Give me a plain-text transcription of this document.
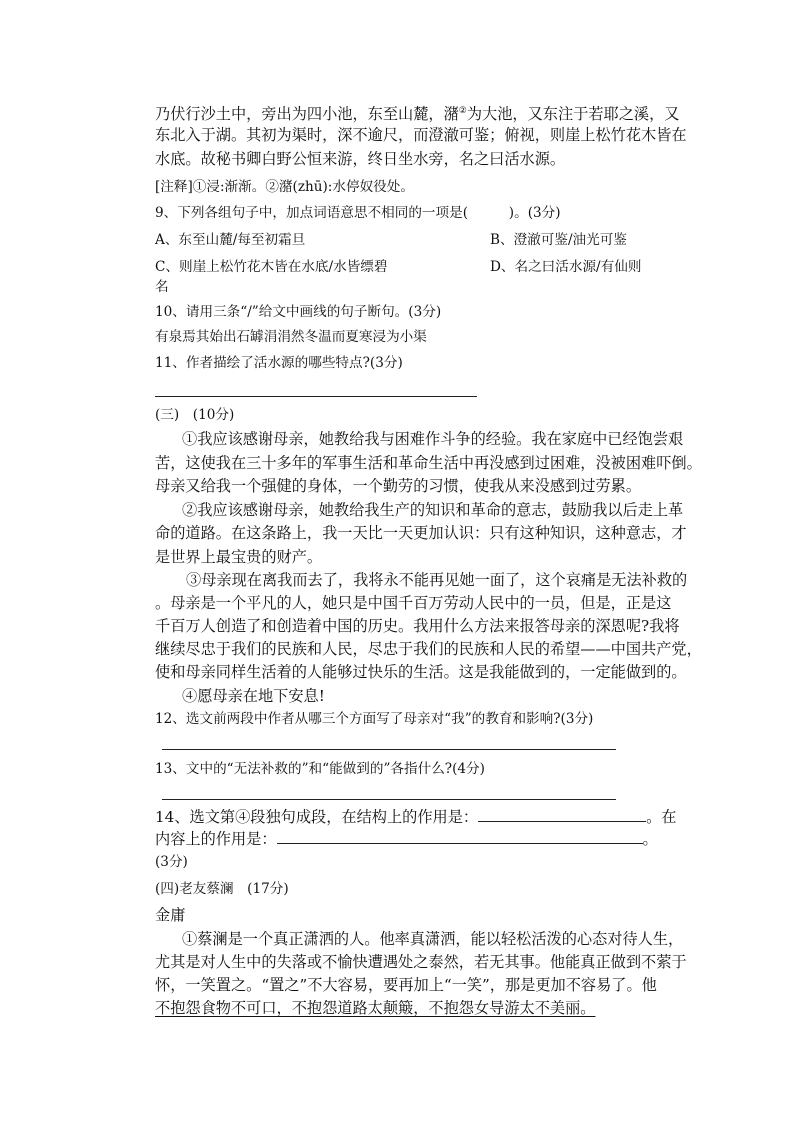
乃伏行沙土中，旁出为四小池，东至山麓，潴②为大池，又东注于若耶之溪，又
东北入于湖。其初为渠时，深不逾尺，而澄澈可鉴；俯视，则崖上松竹花木皆在
水底。故秘书卿白野公恒来游，终日坐水旁，名之曰活水源。
[注释]①浸:渐渐。②潴(zhū):水停奴役处。
9、下列各组句子中，加点词语意思不相同的一项是(　　　)。(3分)
A、东至山麓/每至初霜旦	B、澄澈可鉴/油光可鉴
C、则崖上松竹花木皆在水底/水皆缥碧	D、名之曰活水源/有仙则
名
10、请用三条“/”给文中画线的句子断句。(3分)
有泉焉其始出石罅涓涓然冬温而夏寒浸为小渠
11、作者描绘了活水源的哪些特点?(3分)
(三)　(10分)
①我应该感谢母亲，她教给我与困难作斗争的经验。我在家庭中已经饱尝艰
苦，这使我在三十多年的军事生活和革命生活中再没感到过困难，没被困难吓倒。
母亲又给我一个强健的身体，一个勤劳的习惯，使我从来没感到过劳累。
②我应该感谢母亲，她教给我生产的知识和革命的意志，鼓励我以后走上革
命的道路。在这条路上，我一天比一天更加认识：只有这种知识，这种意志，才
是世界上最宝贵的财产。
③母亲现在离我而去了，我将永不能再见她一面了，这个哀痛是无法补救的
。母亲是一个平凡的人，她只是中国千百万劳动人民中的一员，但是，正是这
千百万人创造了和创造着中国的历史。我用什么方法来报答母亲的深恩呢?我将
继续尽忠于我们的民族和人民，尽忠于我们的民族和人民的希望——中国共产党，
使和母亲同样生活着的人能够过快乐的生活。这是我能做到的，一定能做到的。
④愿母亲在地下安息!
12、选文前两段中作者从哪三个方面写了母亲对“我”的教育和影响?(3分)
13、文中的“无法补救的”和“能做到的”各指什么?(4分)
14、选文第④段独句成段，在结构上的作用是：	。在
内容上的作用是：	。
(3分)
(四)老友蔡澜　(17分)
金庸
①蔡澜是一个真正潇洒的人。他率真潇洒，能以轻松活泼的心态对待人生，
尤其是对人生中的失落或不愉快遭遇处之泰然，若无其事。他能真正做到不萦于
怀，一笑置之。“置之”不大容易，要再加上“一笑”，那是更加不容易了。他
不抱怨食物不可口，不抱怨道路太颠簸，不抱怨女导游太不美丽。
